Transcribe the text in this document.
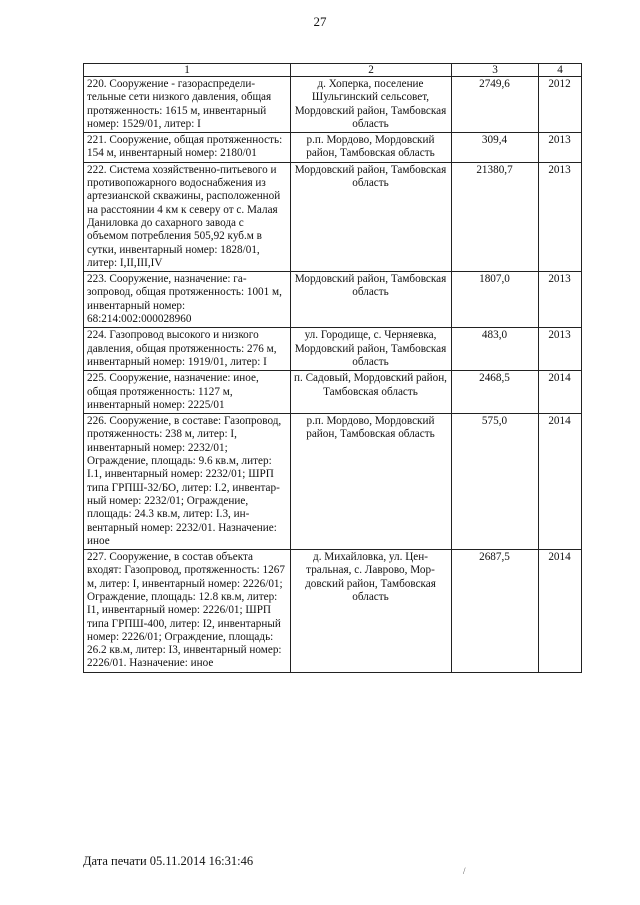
27
1	2	3	4
220. Сооружение - газораспределительные сети низкого давления, общая протяженность: 1615 м, инвентарный номер: 1529/01, литер: I	д. Хоперка, поселение Шульгинский сельсовет, Мордовский район, Тамбовская область	2749,6	2012
221. Сооружение, общая протяженность: 154 м, инвентарный номер: 2180/01	р.п. Мордово, Мордовский район, Тамбовская область	309,4	2013
222. Система хозяйственно-питьевого и противопожарного водоснабжения из артезианской скважины, расположенной на расстоянии 4 км к северу от с. Малая Даниловка до сахарного завода с объемом потребления 505,92 куб.м в сутки, инвентарный номер: 1828/01, литер: I,II,III,IV	Мордовский район, Тамбовская область	21380,7	2013
223. Сооружение, назначение: газопровод, общая протяженность: 1001 м, инвентарный номер: 68:214:002:000028960	Мордовский район, Тамбовская область	1807,0	2013
224. Газопровод высокого и низкого давления, общая протяженность: 276 м, инвентарный номер: 1919/01, литер: I	ул. Городище, с. Черняевка, Мордовский район, Тамбовская область	483,0	2013
225. Сооружение, назначение: иное, общая протяженность: 1127 м, инвентарный номер: 2225/01	п. Садовый, Мордовский район, Тамбовская область	2468,5	2014
226. Сооружение, в составе: Газопровод, протяженность: 238 м, литер: I, инвентарный номер: 2232/01; Ограждение, площадь: 9.6 кв.м, литер: I.1, инвентарный номер: 2232/01; ШРП типа ГРПШ-32/БО, литер: I.2, инвентарный номер: 2232/01; Ограждение, площадь: 24.3 кв.м, литер: I.3, инвентарный номер: 2232/01. Назначение: иное	р.п. Мордово, Мордовский район, Тамбовская область	575,0	2014
227. Сооружение, в состав объекта входят: Газопровод, протяженность: 1267 м, литер: I, инвентарный номер: 2226/01; Ограждение, площадь: 12.8 кв.м, литер: I1, инвентарный номер: 2226/01; ШРП типа ГРПШ-400, литер: I2, инвентарный номер: 2226/01; Ограждение, площадь: 26.2 кв.м, литер: I3, инвентарный номер: 2226/01. Назначение: иное	д. Михайловка, ул. Центральная, с. Лаврово, Мордовский район, Тамбовская область	2687,5	2014
Дата печати 05.11.2014 16:31:46
/
